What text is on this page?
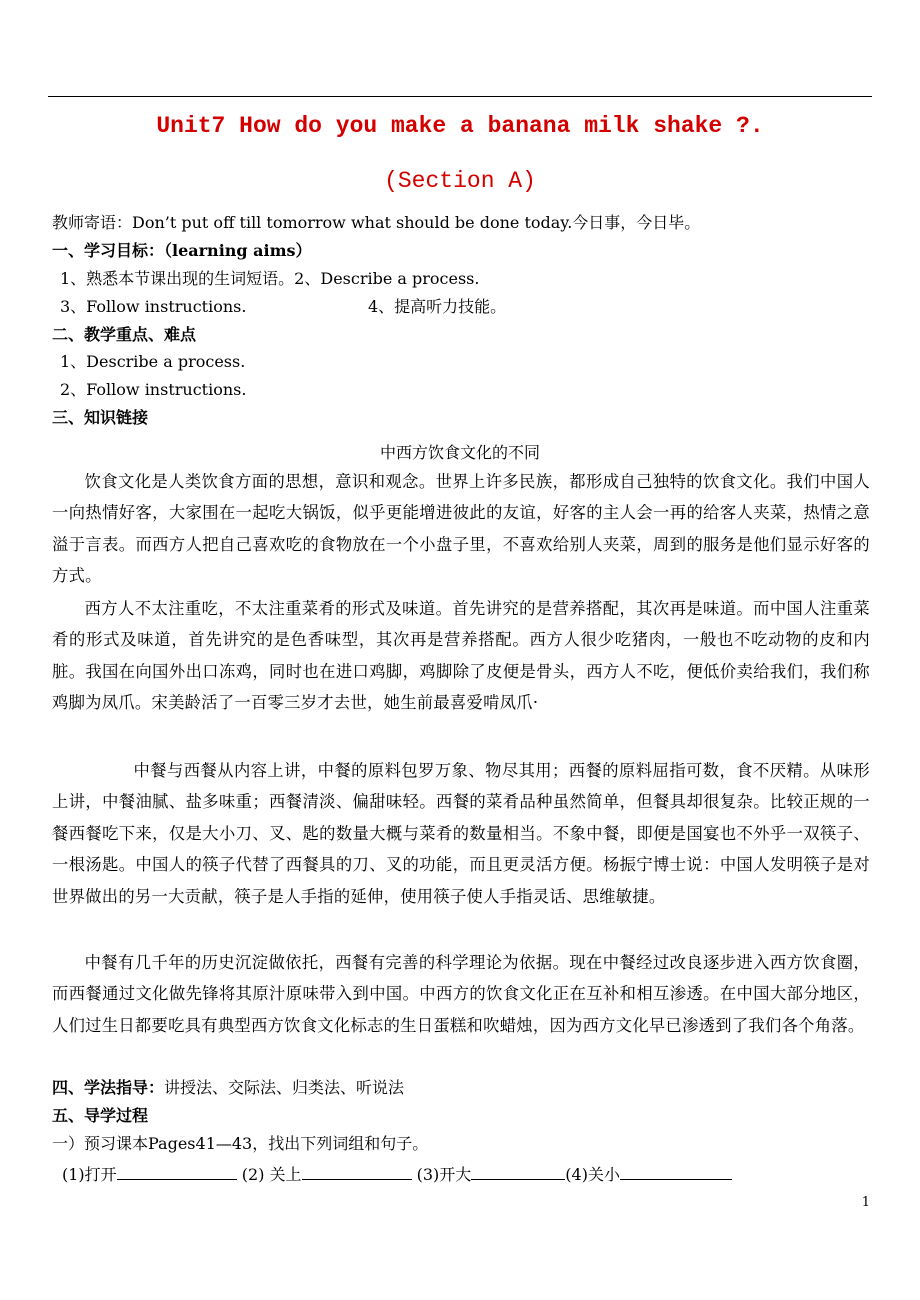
Unit7 How do you make a banana milk shake ?.
(Section A)
教师寄语：Don’t put off till tomorrow what should be done today.今日事，今日毕。
一、学习目标：（learning aims）
1、熟悉本节课出现的生词短语。2、Describe a process.
3、Follow instructions.	4、提高听力技能。
二、教学重点、难点
1、Describe a process.
2、Follow instructions.
三、知识链接
中西方饮食文化的不同
饮食文化是人类饮食方面的思想，意识和观念。世界上许多民族，都形成自己独特的饮食文化。我们中国人一向热情好客，大家围在一起吃大锅饭，似乎更能增进彼此的友谊，好客的主人会一再的给客人夹菜，热情之意溢于言表。而西方人把自己喜欢吃的食物放在一个小盘子里，不喜欢给别人夹菜，周到的服务是他们显示好客的方式。
西方人不太注重吃，不太注重菜肴的形式及味道。首先讲究的是营养搭配，其次再是味道。而中国人注重菜肴的形式及味道，首先讲究的是色香味型，其次再是营养搭配。西方人很少吃猪肉，一般也不吃动物的皮和内脏。我国在向国外出口冻鸡，同时也在进口鸡脚，鸡脚除了皮便是骨头，西方人不吃，便低价卖给我们，我们称鸡脚为凤爪。宋美龄活了一百零三岁才去世，她生前最喜爱啃凤爪·
中餐与西餐从内容上讲，中餐的原料包罗万象、物尽其用；西餐的原料屈指可数，食不厌精。从味形上讲，中餐油腻、盐多味重；西餐清淡、偏甜味轻。西餐的菜肴品种虽然简单，但餐具却很复杂。比较正规的一餐西餐吃下来，仅是大小刀、叉、匙的数量大概与菜肴的数量相当。不象中餐，即便是国宴也不外乎一双筷子、一根汤匙。中国人的筷子代替了西餐具的刀、叉的功能，而且更灵活方便。杨振宁博士说：中国人发明筷子是对世界做出的另一大贡献，筷子是人手指的延伸，使用筷子使人手指灵话、思维敏捷。
中餐有几千年的历史沉淀做依托，西餐有完善的科学理论为依据。现在中餐经过改良逐步进入西方饮食圈，而西餐通过文化做先锋将其原汁原味带入到中国。中西方的饮食文化正在互补和相互渗透。在中国大部分地区，人们过生日都要吃具有典型西方饮食文化标志的生日蛋糕和吹蜡烛，因为西方文化早已渗透到了我们各个角落。
四、学法指导：讲授法、交际法、归类法、听说法
五、导学过程
一）预习课本Pages41—43，找出下列词组和句子。
(1)打开	(2) 关上	(3)开大	(4)关小
1
